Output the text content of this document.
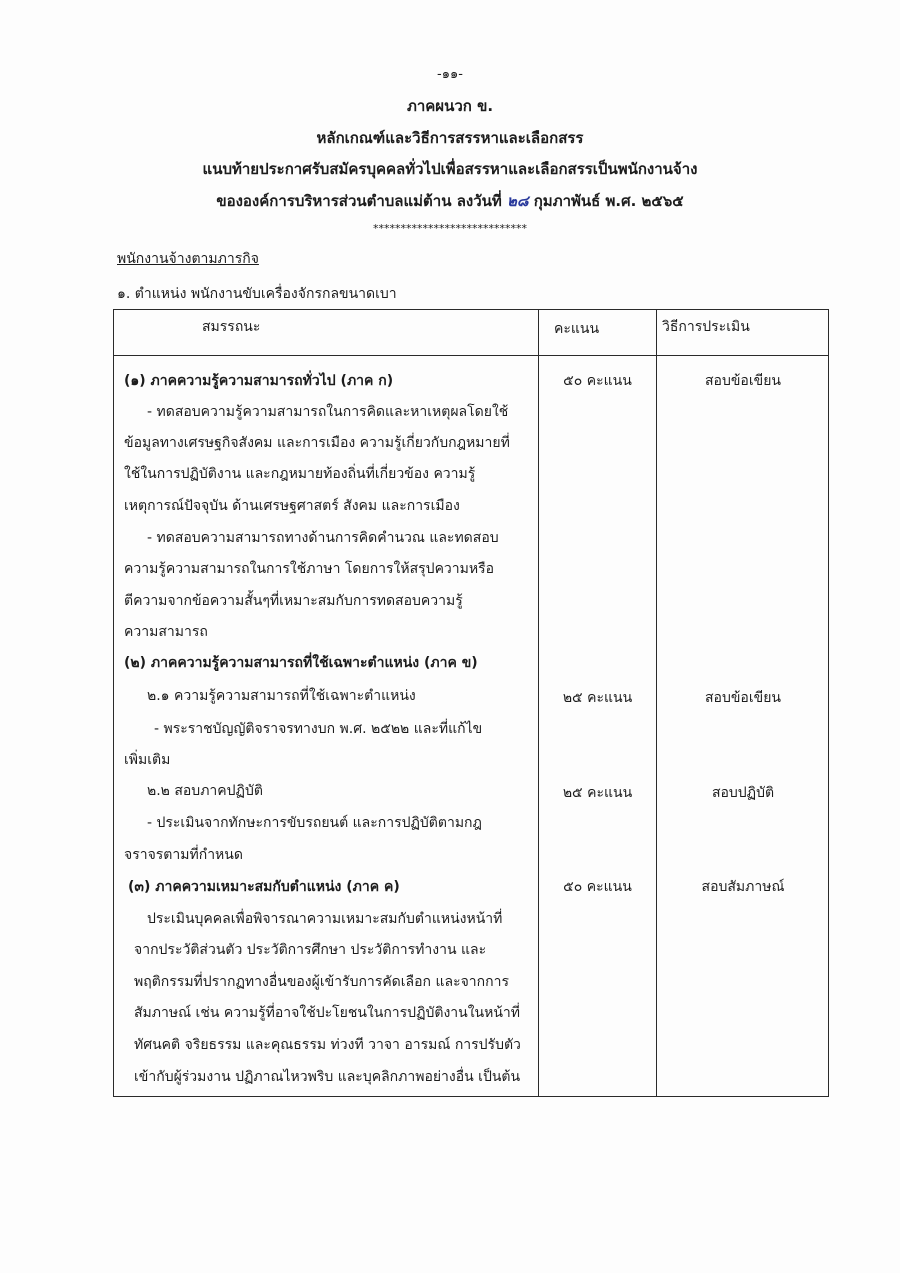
-๑๑-
ภาคผนวก ข.
หลักเกณฑ์และวิธีการสรรหาและเลือกสรร
แนบท้ายประกาศรับสมัครบุคคลทั่วไปเพื่อสรรหาและเลือกสรรเป็นพนักงานจ้าง
ขององค์การบริหารส่วนตำบลแม่ต้าน ลงวันที่ ๒๘ กุมภาพันธ์ พ.ศ. ๒๕๖๕
****************************
พนักงานจ้างตามภารกิจ
๑. ตำแหน่ง พนักงานขับเครื่องจักรกลขนาดเบา
สมรรถนะ	คะแนน	วิธีการประเมิน
(๑) ภาคความรู้ความสามารถทั่วไป (ภาค ก)	๕๐ คะแนน	สอบข้อเขียน
- ทดสอบความรู้ความสามารถในการคิดและหาเหตุผลโดยใช้
ข้อมูลทางเศรษฐกิจสังคม และการเมือง ความรู้เกี่ยวกับกฎหมายที่
ใช้ในการปฏิบัติงาน และกฎหมายท้องถิ่นที่เกี่ยวข้อง ความรู้
เหตุการณ์ปัจจุบัน ด้านเศรษฐศาสตร์ สังคม และการเมือง
- ทดสอบความสามารถทางด้านการคิดคำนวณ และทดสอบ
ความรู้ความสามารถในการใช้ภาษา โดยการให้สรุปความหรือ
ตีความจากข้อความสั้นๆที่เหมาะสมกับการทดสอบความรู้
ความสามารถ
(๒) ภาคความรู้ความสามารถที่ใช้เฉพาะตำแหน่ง (ภาค ข)
๒.๑ ความรู้ความสามารถที่ใช้เฉพาะตำแหน่ง	๒๕ คะแนน	สอบข้อเขียน
- พระราชบัญญัติจราจรทางบก พ.ศ. ๒๕๒๒ และที่แก้ไข
เพิ่มเติม
๒.๒ สอบภาคปฏิบัติ	๒๕ คะแนน	สอบปฏิบัติ
- ประเมินจากทักษะการขับรถยนต์ และการปฏิบัติตามกฎ
จราจรตามที่กำหนด
(๓) ภาคความเหมาะสมกับตำแหน่ง (ภาค ค)	๕๐ คะแนน	สอบสัมภาษณ์
ประเมินบุคคลเพื่อพิจารณาความเหมาะสมกับตำแหน่งหน้าที่
จากประวัติส่วนตัว ประวัติการศึกษา ประวัติการทำงาน และ
พฤติกรรมที่ปรากฏทางอื่นของผู้เข้ารับการคัดเลือก และจากการ
สัมภาษณ์ เช่น ความรู้ที่อาจใช้ปะโยชนในการปฏิบัติงานในหน้าที่
ทัศนคติ จริยธรรม และคุณธรรม ท่วงที วาจา อารมณ์ การปรับตัว
เข้ากับผู้ร่วมงาน ปฏิภาณไหวพริบ และบุคลิกภาพอย่างอื่น เป็นต้น
